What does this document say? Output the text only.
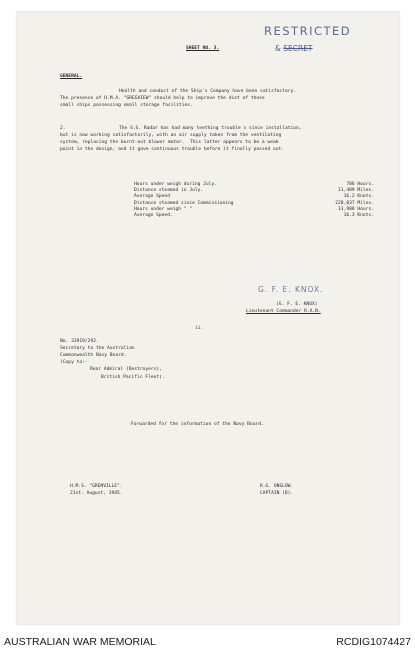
RESTRICTED
& SECRET
SHEET NO. 3.
GENERAL.
Health and conduct of the Ship's Company have been satisfactory.
The presence of H.M.A. "GREGVIEW" should help to improve the diet of those
small ships possessing small storage facilities.
2.	The S.G. Radar has had many teething trouble s since installation,
but is now working satisfactorily, with an air supply taken from the ventilating
system, replacing the burnt-out blower motor.  This latter appears to be a weak
point in the design, and it gave continuous trouble before it finally passed out.
Hours under weigh during July.	706 Hours.
Distance steamed in July.	11,489 Miles.
Average Speed	16.2 Knots.
Distance steamed since Commissioning	228,037 Miles.
Hours under weigh " "	13,988 Hours.
Average Speed.	16.3 Knots.
G. F. E. KNOX.
(G. F. E. KNOX)
Lieutenant Commander R.A.N.
ii.
No. 33919/292.
Secretary to the Australian
Commonwealth Navy Board.
(Copy to:-
Rear Admiral (Destroyers),
British Pacific Fleet).
Forwarded for the information of the Navy Board.
H.M.S. "GRENVILLE".
21st. August, 1945.
R.G. ONSLOW.
CAPTAIN (D).
AUSTRALIAN WAR MEMORIAL	RCDIG1074427
